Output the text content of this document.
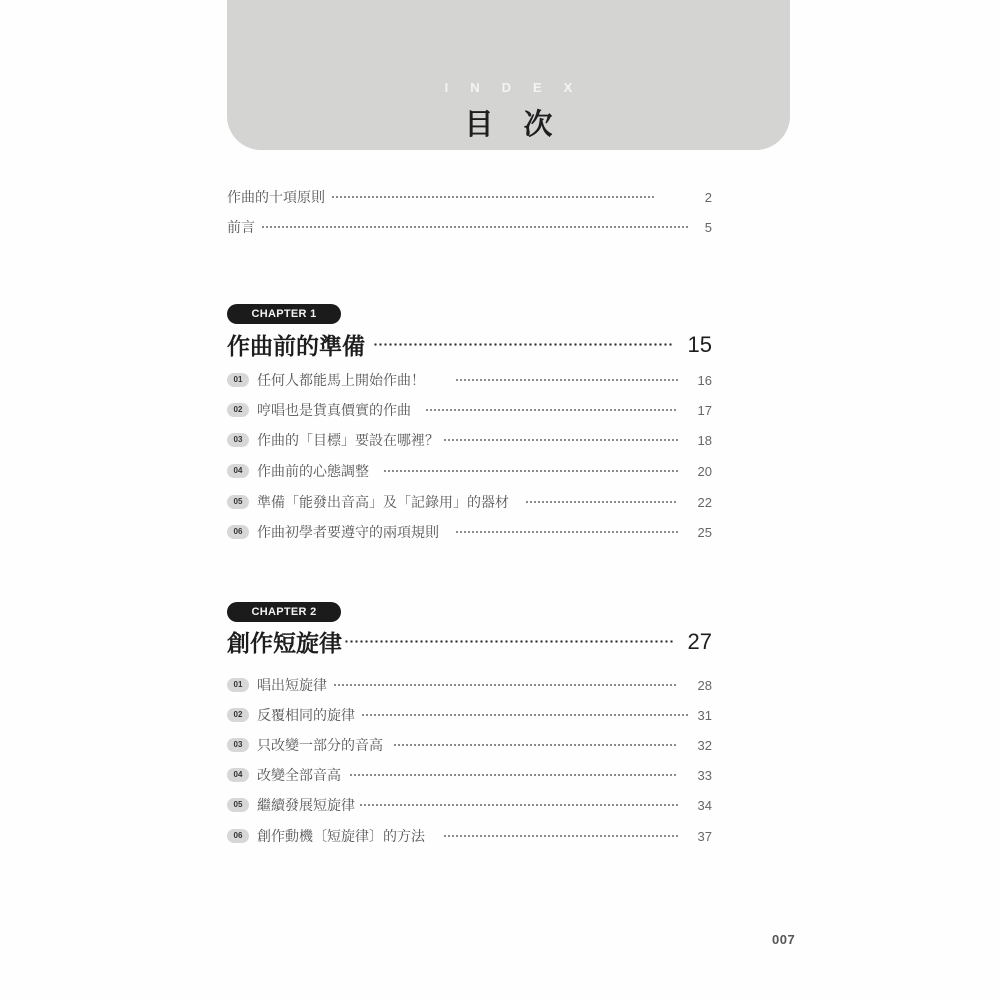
INDEX
目次
作曲的十項原則	2
前言	5
CHAPTER 1
作曲前的準備	15
01	任何人都能馬上開始作曲！	16
02	哼唱也是貨真價實的作曲	17
03	作曲的「目標」要設在哪裡？	18
04	作曲前的心態調整	20
05	準備「能發出音高」及「記錄用」的器材	22
06	作曲初學者要遵守的兩項規則	25
CHAPTER 2
創作短旋律	27
01	唱出短旋律	28
02	反覆相同的旋律	31
03	只改變一部分的音高	32
04	改變全部音高	33
05	繼續發展短旋律	34
06	創作動機〔短旋律〕的方法	37
007
